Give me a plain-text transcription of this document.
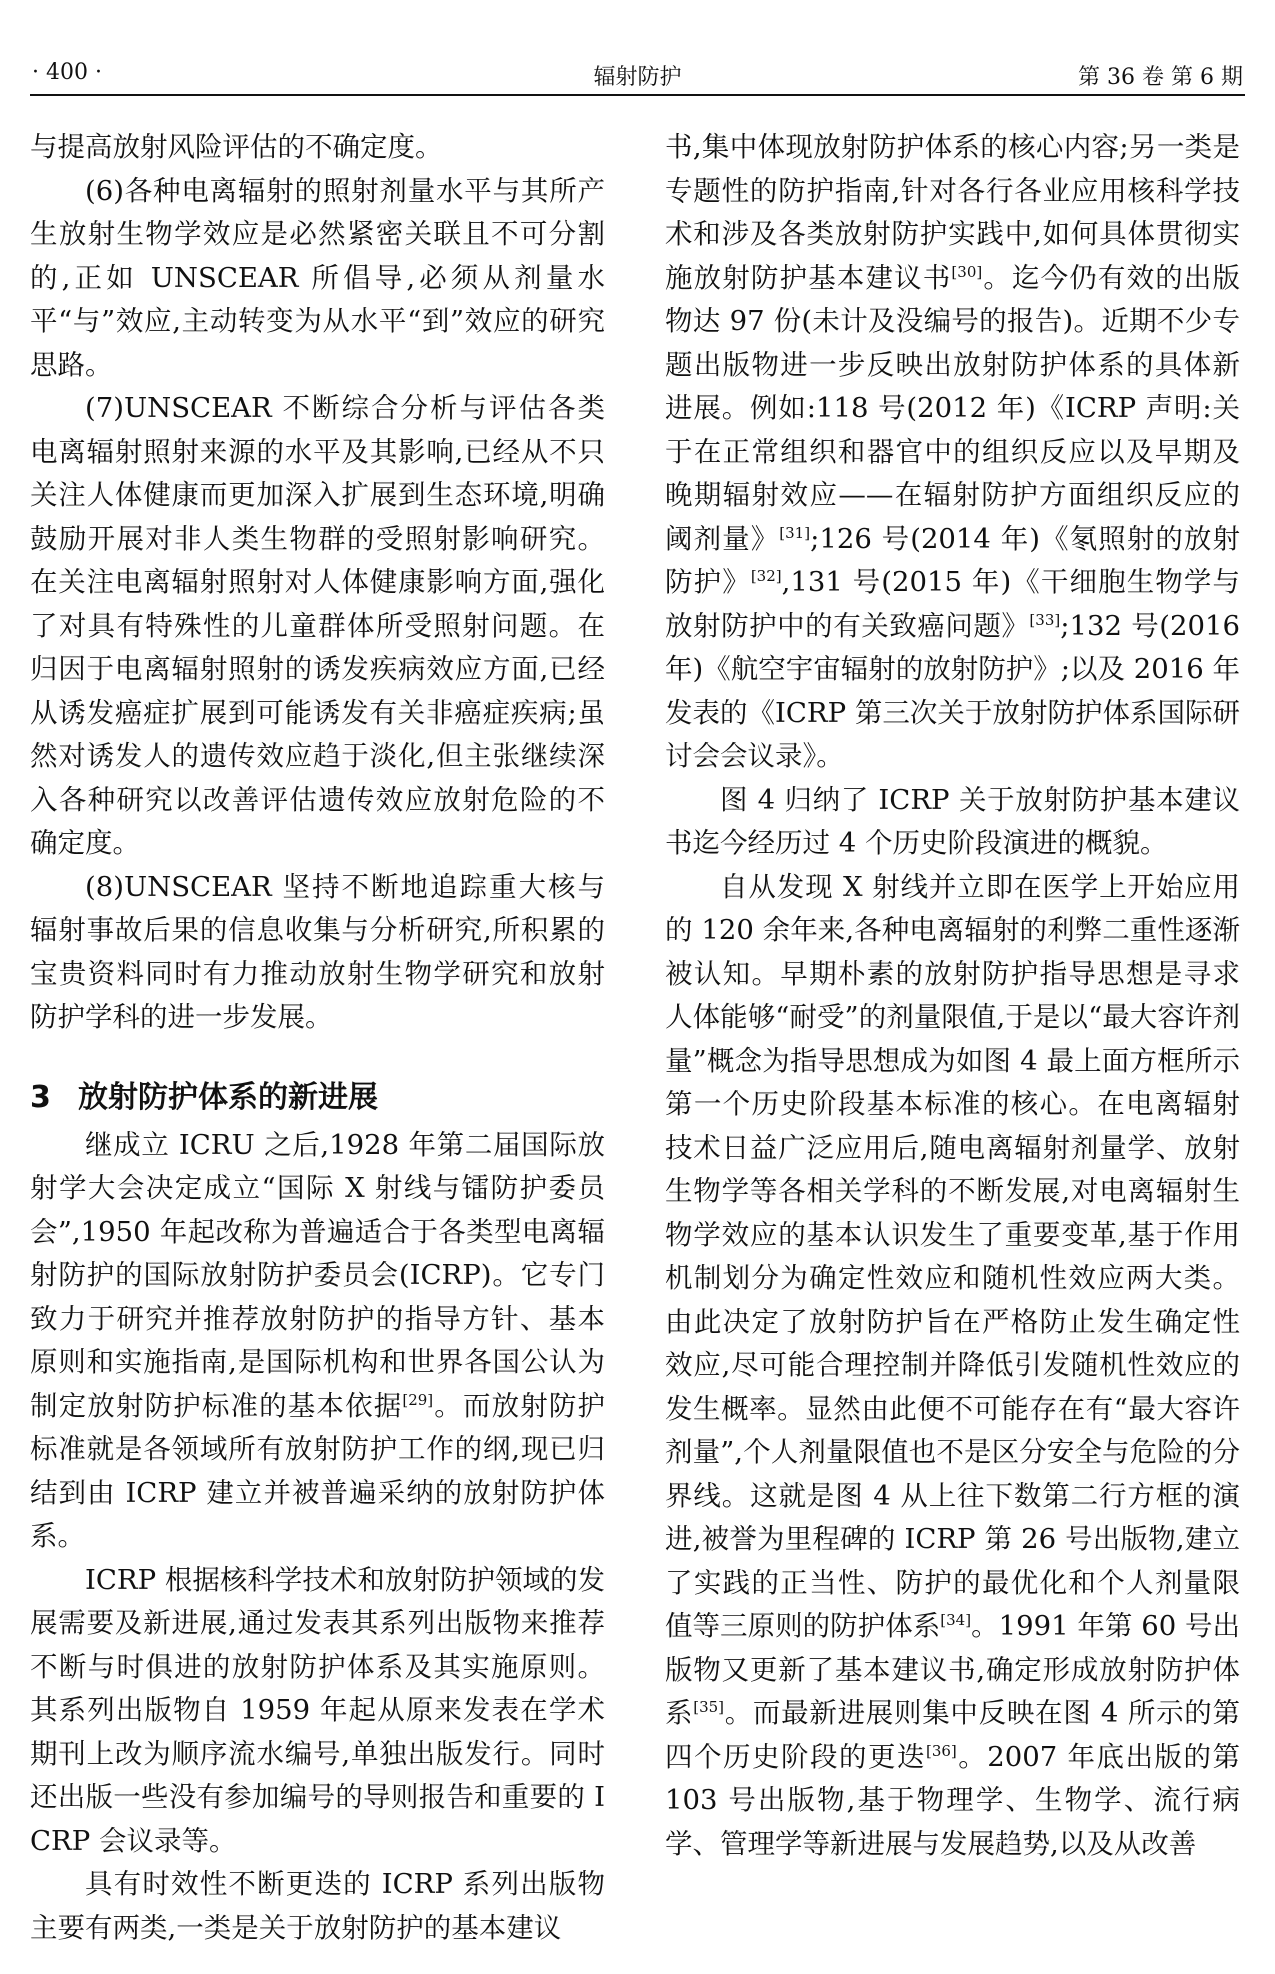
· 400 ·	辐射防护	第 36 卷 第 6 期

与提高放射风险评估的不确定度。

(6)各种电离辐射的照射剂量水平与其所产生放射生物学效应是必然紧密关联且不可分割的,正如 UNSCEAR 所倡导,必须从剂量水平“与”效应,主动转变为从水平“到”效应的研究思路。

(7)UNSCEAR 不断综合分析与评估各类电离辐射照射来源的水平及其影响,已经从不只关注人体健康而更加深入扩展到生态环境,明确鼓励开展对非人类生物群的受照射影响研究。在关注电离辐射照射对人体健康影响方面,强化了对具有特殊性的儿童群体所受照射问题。在归因于电离辐射照射的诱发疾病效应方面,已经从诱发癌症扩展到可能诱发有关非癌症疾病;虽然对诱发人的遗传效应趋于淡化,但主张继续深入各种研究以改善评估遗传效应放射危险的不确定度。

(8)UNSCEAR 坚持不断地追踪重大核与辐射事故后果的信息收集与分析研究,所积累的宝贵资料同时有力推动放射生物学研究和放射防护学科的进一步发展。

3 放射防护体系的新进展

继成立 ICRU 之后,1928 年第二届国际放射学大会决定成立“国际 X 射线与镭防护委员会”,1950 年起改称为普遍适合于各类型电离辐射防护的国际放射防护委员会(ICRP)。它专门致力于研究并推荐放射防护的指导方针、基本原则和实施指南,是国际机构和世界各国公认为制定放射防护标准的基本依据[29]。而放射防护标准就是各领域所有放射防护工作的纲,现已归结到由 ICRP 建立并被普遍采纳的放射防护体系。

ICRP 根据核科学技术和放射防护领域的发展需要及新进展,通过发表其系列出版物来推荐不断与时俱进的放射防护体系及其实施原则。其系列出版物自 1959 年起从原来发表在学术期刊上改为顺序流水编号,单独出版发行。同时还出版一些没有参加编号的导则报告和重要的 ICRP 会议录等。

具有时效性不断更迭的 ICRP 系列出版物主要有两类,一类是关于放射防护的基本建议

书,集中体现放射防护体系的核心内容;另一类是专题性的防护指南,针对各行各业应用核科学技术和涉及各类放射防护实践中,如何具体贯彻实施放射防护基本建议书[30]。迄今仍有效的出版物达 97 份(未计及没编号的报告)。近期不少专题出版物进一步反映出放射防护体系的具体新进展。例如:118 号(2012 年)《ICRP 声明:关于在正常组织和器官中的组织反应以及早期及晚期辐射效应——在辐射防护方面组织反应的阈剂量》[31];126 号(2014 年)《氡照射的放射防护》[32],131 号(2015 年)《干细胞生物学与放射防护中的有关致癌问题》[33];132 号(2016 年)《航空宇宙辐射的放射防护》;以及 2016 年发表的《ICRP 第三次关于放射防护体系国际研讨会会议录》。

图 4 归纳了 ICRP 关于放射防护基本建议书迄今经历过 4 个历史阶段演进的概貌。

自从发现 X 射线并立即在医学上开始应用的 120 余年来,各种电离辐射的利弊二重性逐渐被认知。早期朴素的放射防护指导思想是寻求人体能够“耐受”的剂量限值,于是以“最大容许剂量”概念为指导思想成为如图 4 最上面方框所示第一个历史阶段基本标准的核心。在电离辐射技术日益广泛应用后,随电离辐射剂量学、放射生物学等各相关学科的不断发展,对电离辐射生物学效应的基本认识发生了重要变革,基于作用机制划分为确定性效应和随机性效应两大类。由此决定了放射防护旨在严格防止发生确定性效应,尽可能合理控制并降低引发随机性效应的发生概率。显然由此便不可能存在有“最大容许剂量”,个人剂量限值也不是区分安全与危险的分界线。这就是图 4 从上往下数第二行方框的演进,被誉为里程碑的 ICRP 第 26 号出版物,建立了实践的正当性、防护的最优化和个人剂量限值等三原则的防护体系[34]。1991 年第 60 号出版物又更新了基本建议书,确定形成放射防护体系[35]。而最新进展则集中反映在图 4 所示的第四个历史阶段的更迭[36]。2007 年底出版的第 103 号出版物,基于物理学、生物学、流行病学、管理学等新进展与发展趋势,以及从改善
